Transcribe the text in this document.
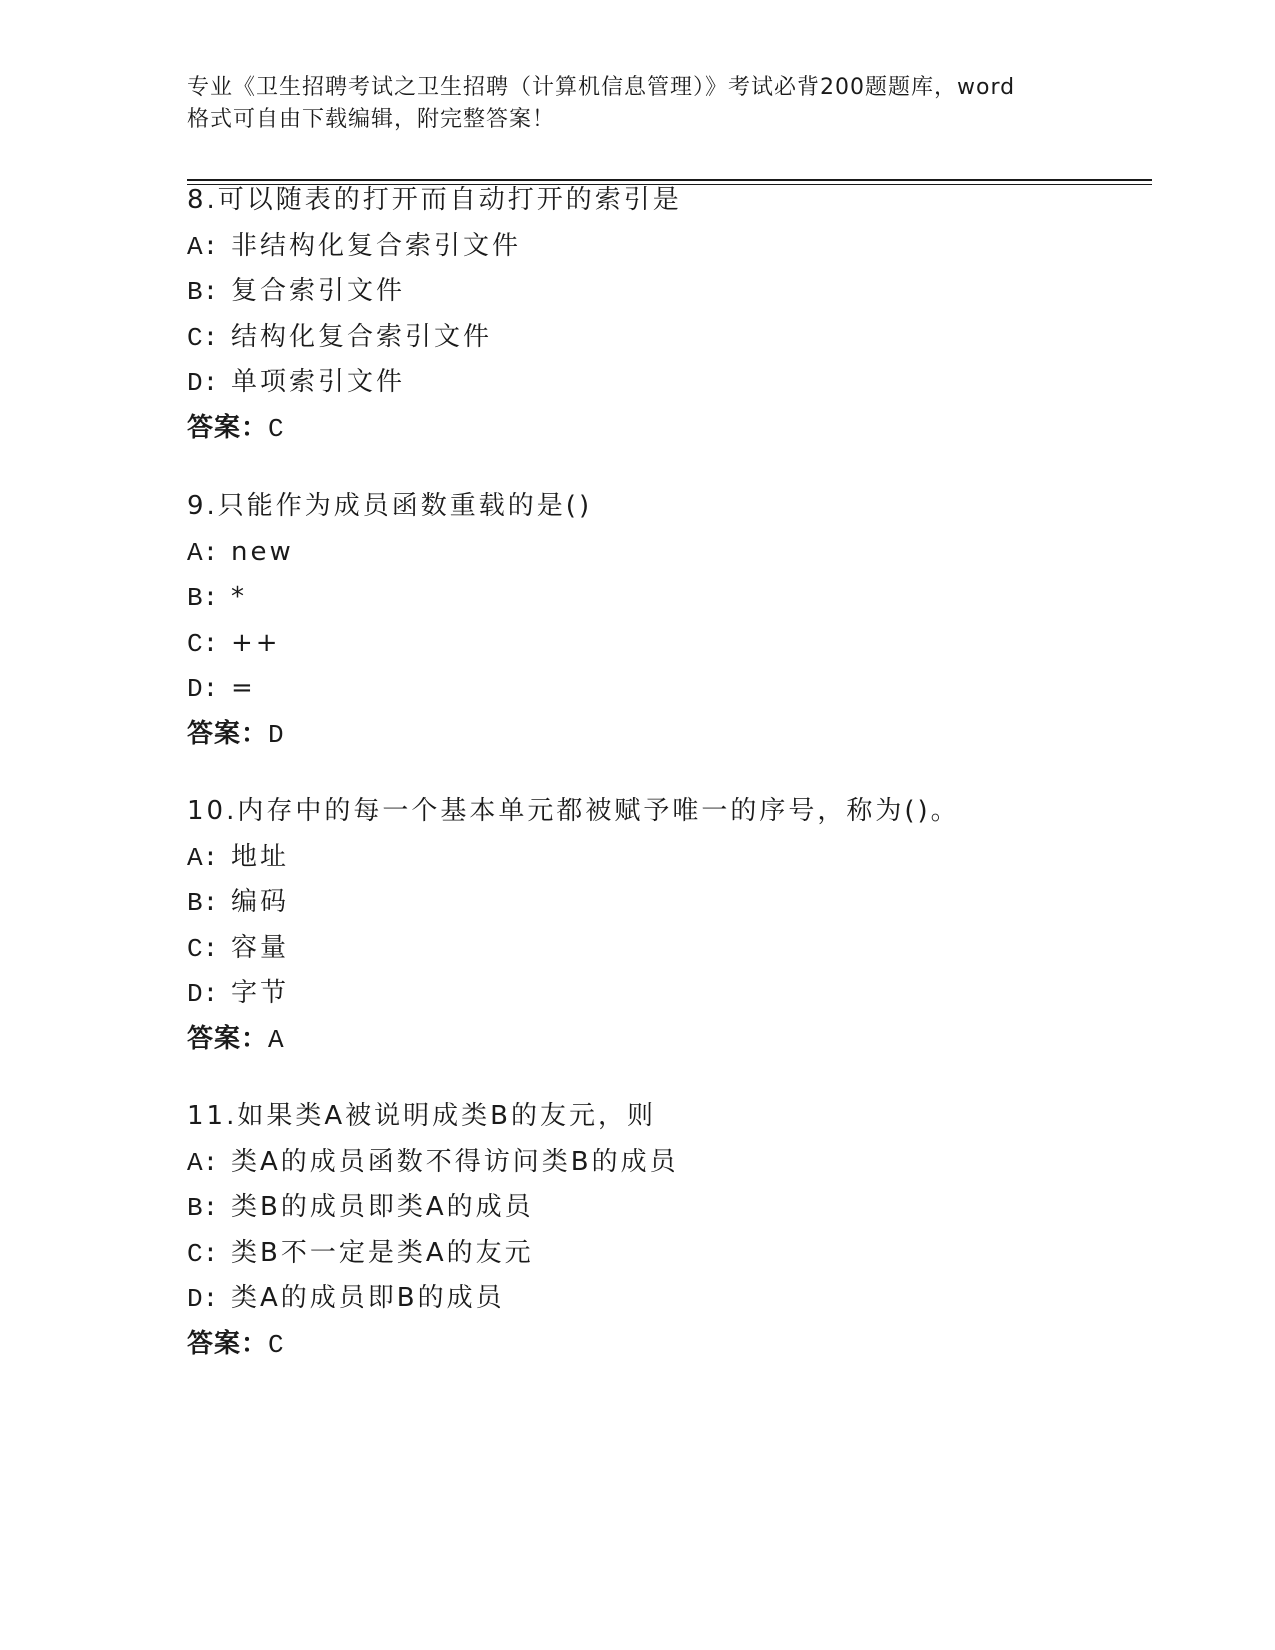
专业《卫生招聘考试之卫生招聘（计算机信息管理）》考试必背200题题库，word
格式可自由下载编辑，附完整答案！
8.可以随表的打开而自动打开的索引是
A: 非结构化复合索引文件
B: 复合索引文件
C: 结构化复合索引文件
D: 单项索引文件
答案：C
9.只能作为成员函数重载的是()
A: new
B: *
C: ++
D: =
答案：D
10.内存中的每一个基本单元都被赋予唯一的序号，称为()。
A: 地址
B: 编码
C: 容量
D: 字节
答案：A
11.如果类A被说明成类B的友元，则
A: 类A的成员函数不得访问类B的成员
B: 类B的成员即类A的成员
C: 类B不一定是类A的友元
D: 类A的成员即B的成员
答案：C
